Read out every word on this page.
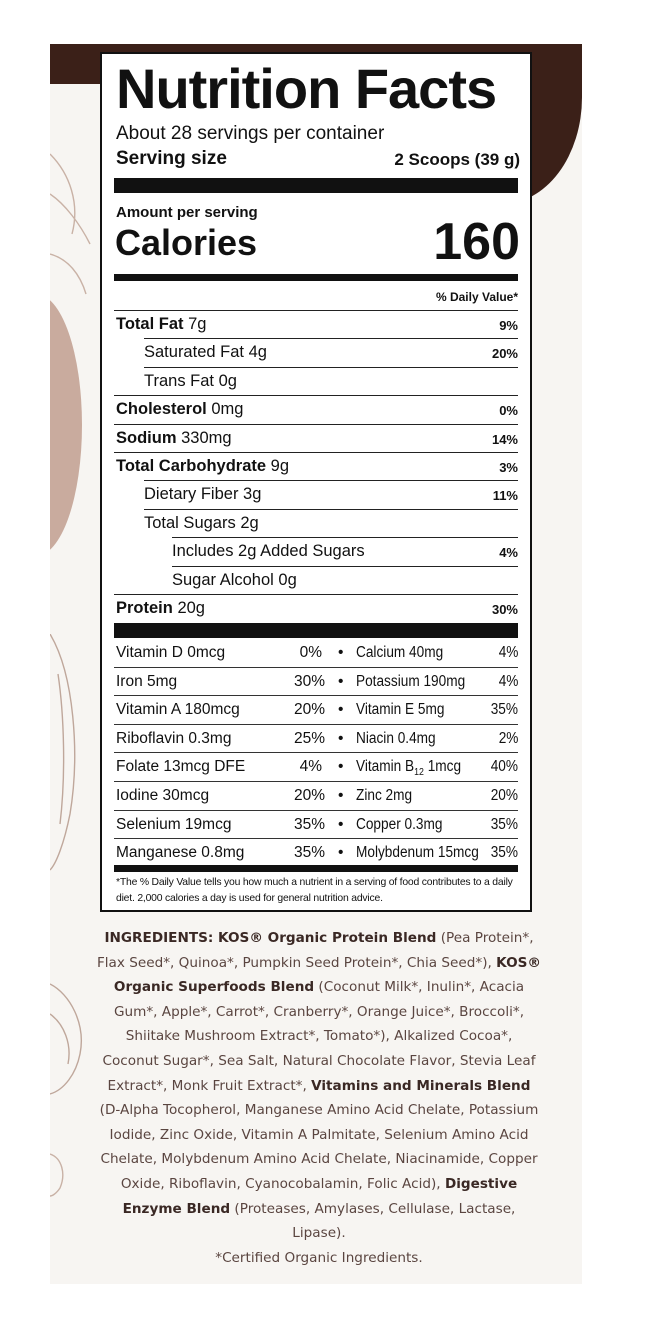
Nutrition Facts
About 28 servings per container
Serving size	2 Scoops (39 g)
Amount per serving
Calories	160
% Daily Value*
Total Fat 7g	9%
Saturated Fat 4g	20%
Trans Fat 0g
Cholesterol 0mg	0%
Sodium 330mg	14%
Total Carbohydrate 9g	3%
Dietary Fiber 3g	11%
Total Sugars 2g
Includes 2g Added Sugars	4%
Sugar Alcohol 0g
Protein 20g	30%
Vitamin D 0mcg	0% • Calcium 40mg	4%
Iron 5mg	30% • Potassium 190mg 4%
Vitamin A 180mcg	20% • Vitamin E 5mg	35%
Riboflavin 0.3mg	25% • Niacin 0.4mg	2%
Folate 13mcg DFE	4% • Vitamin $B_{12}$ 1mcg 40%
Iodine 30mcg	20% • Zinc 2mg	20%
Selenium 19mcg	35% • Copper 0.3mg	35%
Manganese 0.8mg	35% • Molybdenum 15mcg 35%
*The % Daily Value tells you how much a nutrient in a serving of food contributes to a daily
diet. 2,000 calories a day is used for general nutrition advice.
INGREDIENTS: KOS® Organic Protein Blend (Pea Protein*, Flax Seed*, Quinoa*, Pumpkin Seed Protein*, Chia Seed*), KOS® Organic Superfoods Blend (Coconut Milk*, Inulin*, Acacia Gum*, Apple*, Carrot*, Cranberry*, Orange Juice*, Broccoli*, Shiitake Mushroom Extract*, Tomato*), Alkalized Cocoa*, Coconut Sugar*, Sea Salt, Natural Chocolate Flavor, Stevia Leaf Extract*, Monk Fruit Extract*, Vitamins and Minerals Blend (D-Alpha Tocopherol, Manganese Amino Acid Chelate, Potassium Iodide, Zinc Oxide, Vitamin A Palmitate, Selenium Amino Acid Chelate, Molybdenum Amino Acid Chelate, Niacinamide, Copper Oxide, Riboflavin, Cyanocobalamin, Folic Acid), Digestive Enzyme Blend (Proteases, Amylases, Cellulase, Lactase, Lipase).
*Certified Organic Ingredients.
